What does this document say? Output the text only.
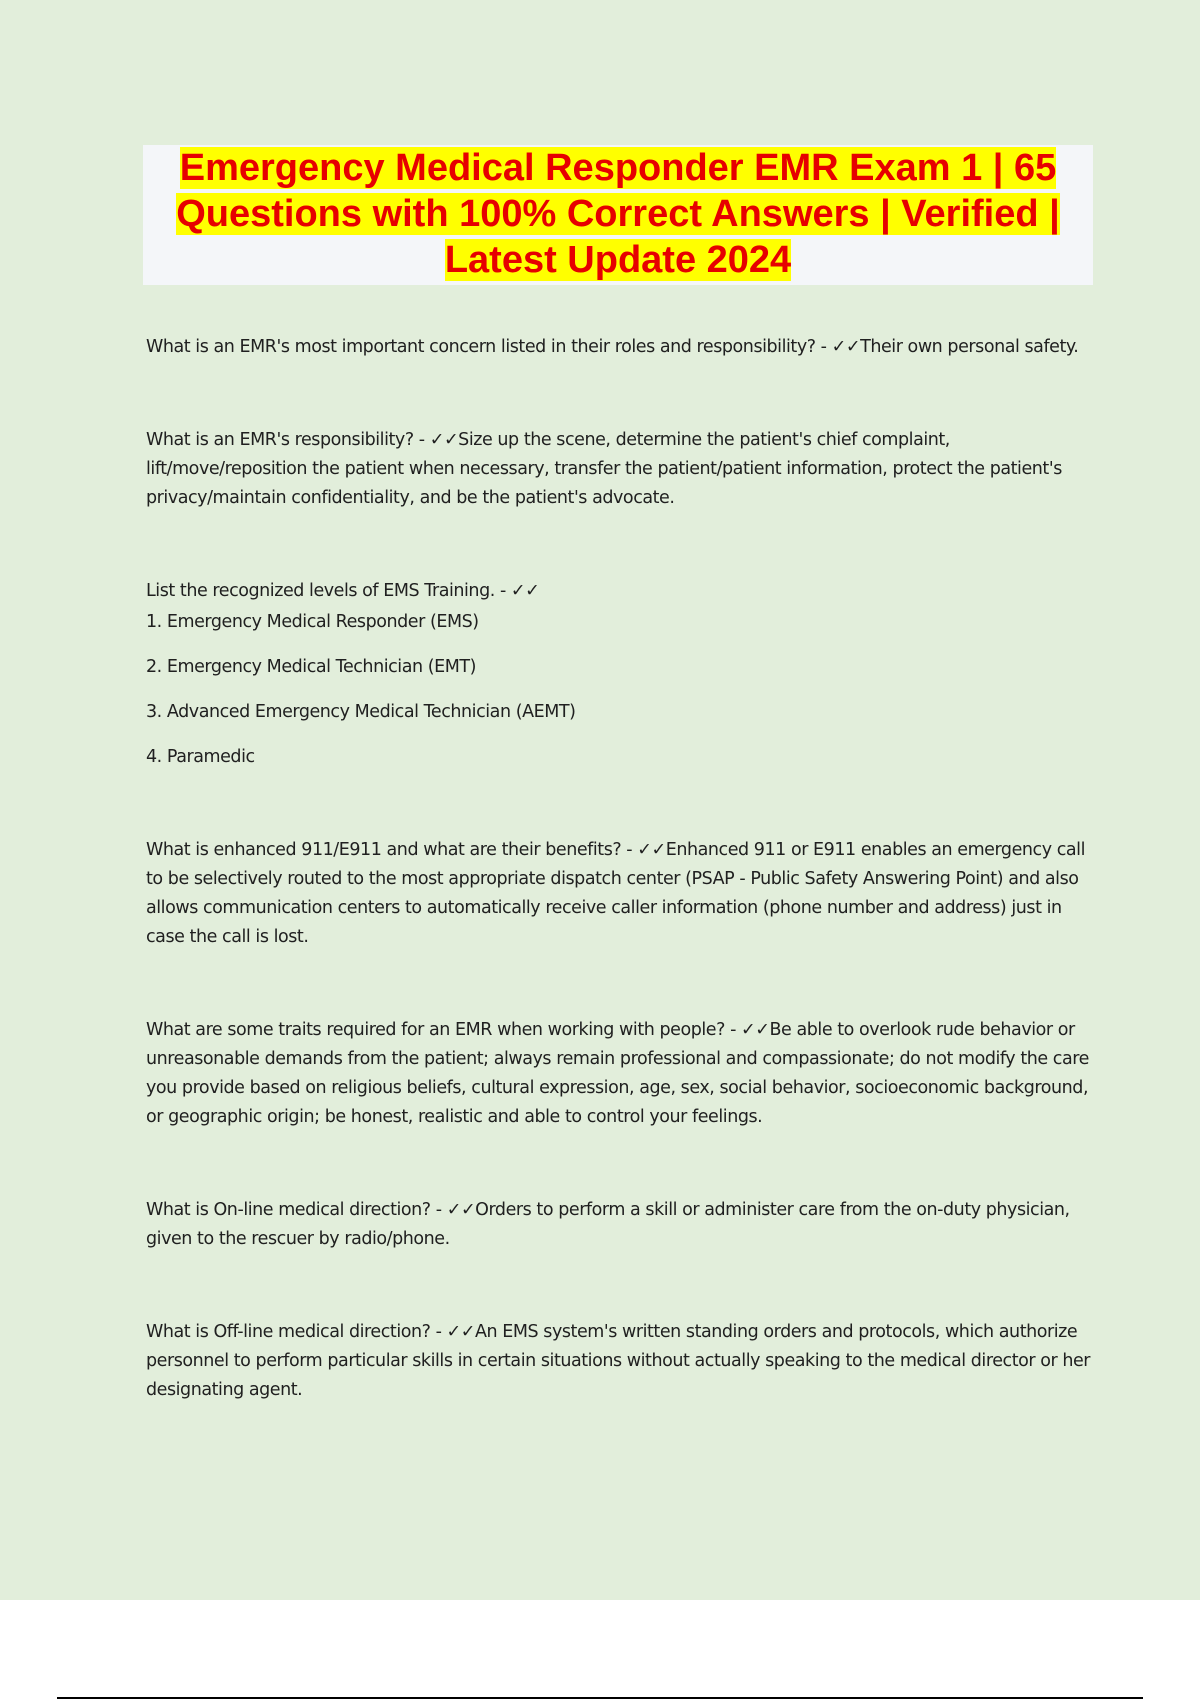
Emergency Medical Responder EMR Exam 1 | 65 Questions with 100% Correct Answers | Verified | Latest Update 2024

What is an EMR's most important concern listed in their roles and responsibility? - ✓✓Their own personal safety.

What is an EMR's responsibility? - ✓✓Size up the scene, determine the patient's chief complaint, lift/move/reposition the patient when necessary, transfer the patient/patient information, protect the patient's privacy/maintain confidentiality, and be the patient's advocate.

List the recognized levels of EMS Training. - ✓✓

1. Emergency Medical Responder (EMS)

2. Emergency Medical Technician (EMT)

3. Advanced Emergency Medical Technician (AEMT)

4. Paramedic

What is enhanced 911/E911 and what are their benefits? - ✓✓Enhanced 911 or E911 enables an emergency call to be selectively routed to the most appropriate dispatch center (PSAP - Public Safety Answering Point) and also allows communication centers to automatically receive caller information (phone number and address) just in case the call is lost.

What are some traits required for an EMR when working with people? - ✓✓Be able to overlook rude behavior or unreasonable demands from the patient; always remain professional and compassionate; do not modify the care you provide based on religious beliefs, cultural expression, age, sex, social behavior, socioeconomic background, or geographic origin; be honest, realistic and able to control your feelings.

What is On-line medical direction? - ✓✓Orders to perform a skill or administer care from the on-duty physician, given to the rescuer by radio/phone.

What is Off-line medical direction? - ✓✓An EMS system's written standing orders and protocols, which authorize personnel to perform particular skills in certain situations without actually speaking to the medical director or her designating agent.
